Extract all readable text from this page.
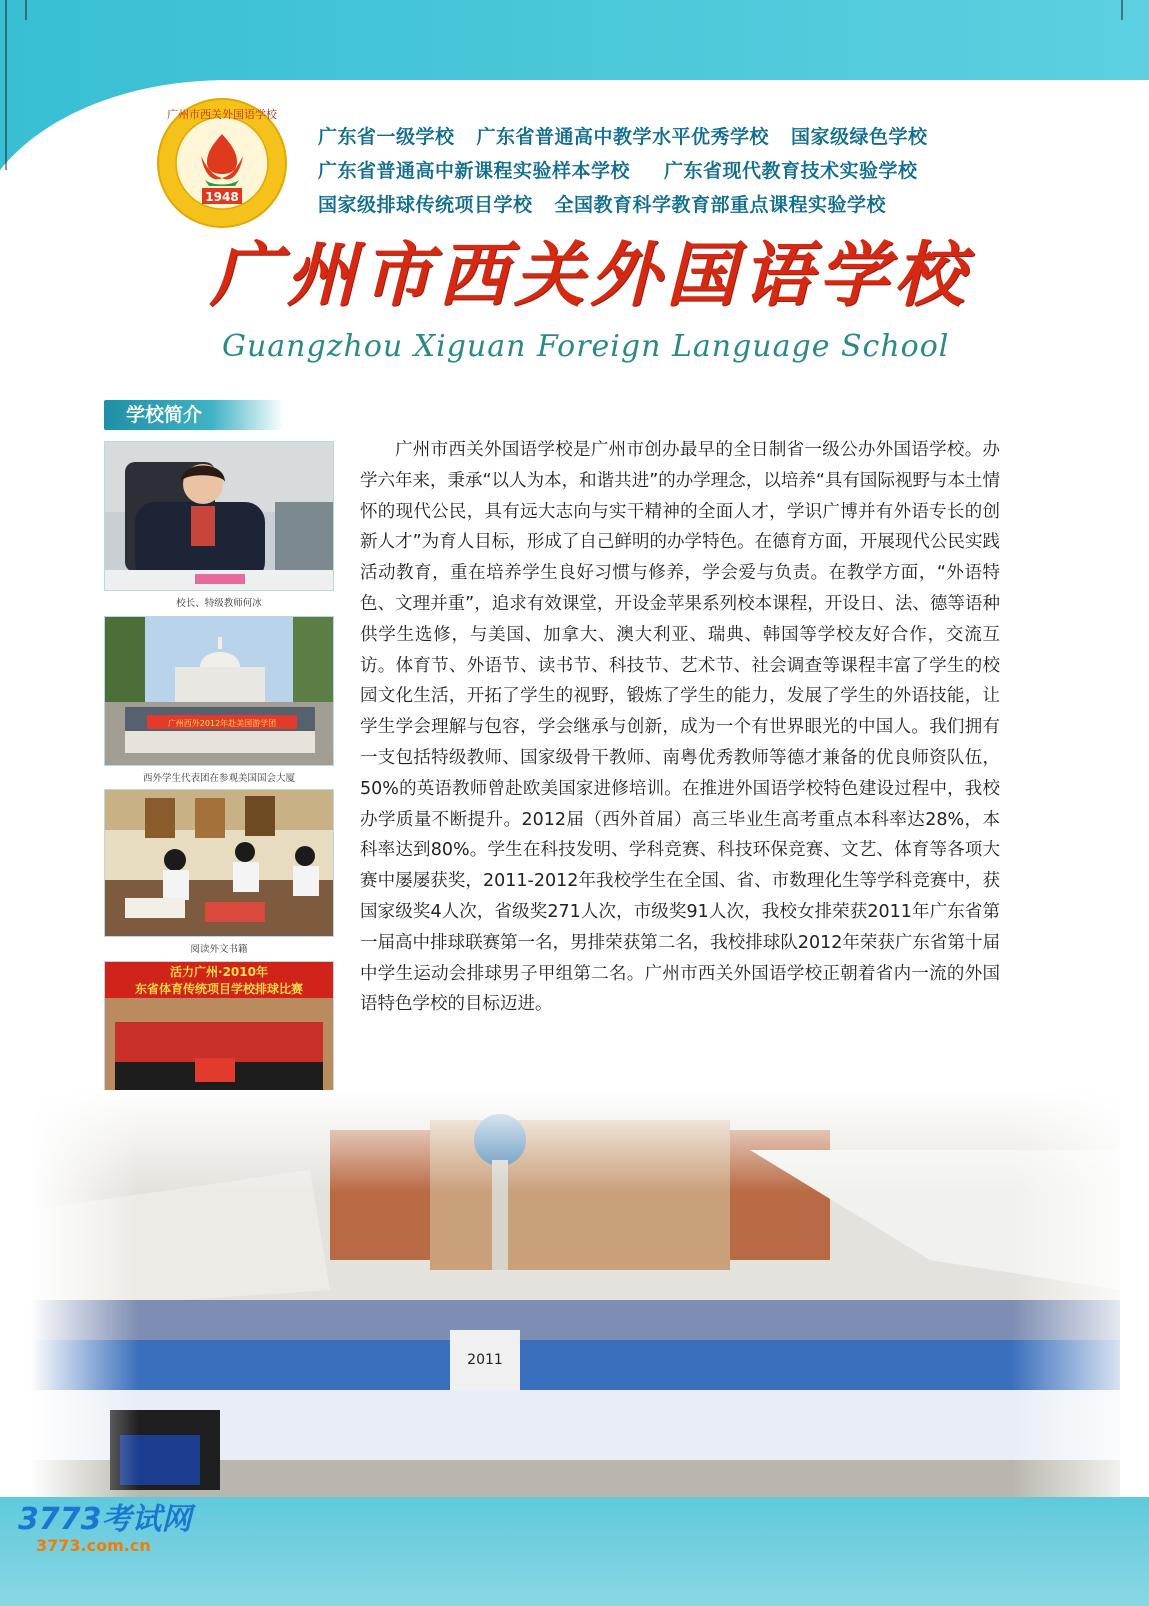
1948
广州市西关外国语学校
广东省一级学校 广东省普通高中教学水平优秀学校 国家级绿色学校
广东省普通高中新课程实验样本学校 广东省现代教育技术实验学校
国家级排球传统项目学校 全国教育科学教育部重点课程实验学校
广州市西关外国语学校
Guangzhou Xiguan Foreign Language School
学校简介
校长、特级教师何冰
广州西外2012年赴美国游学团
西外学生代表团在参观美国国会大厦
阅读外文书籍
活力广州·2010年
东省体育传统项目学校排球比赛

广州市西关外国语学校是广州市创办最早的全日制省一级公办外国语学校。办学六年来，秉承“以人为本，和谐共进”的办学理念，以培养“具有国际视野与本土情怀的现代公民，具有远大志向与实干精神的全面人才，学识广博并有外语专长的创新人才”为育人目标，形成了自己鲜明的办学特色。在德育方面，开展现代公民实践活动教育，重在培养学生良好习惯与修养，学会爱与负责。在教学方面，“外语特色、文理并重”，追求有效课堂，开设金苹果系列校本课程，开设日、法、德等语种供学生选修，与美国、加拿大、澳大利亚、瑞典、韩国等学校友好合作，交流互访。体育节、外语节、读书节、科技节、艺术节、社会调查等课程丰富了学生的校园文化生活，开拓了学生的视野，锻炼了学生的能力，发展了学生的外语技能，让学生学会理解与包容，学会继承与创新，成为一个有世界眼光的中国人。我们拥有一支包括特级教师、国家级骨干教师、南粤优秀教师等德才兼备的优良师资队伍，50%的英语教师曾赴欧美国家进修培训。在推进外国语学校特色建设过程中，我校办学质量不断提升。2012届（西外首届）高三毕业生高考重点本科率达28%，本科率达到80%。学生在科技发明、学科竞赛、科技环保竞赛、文艺、体育等各项大赛中屡屡获奖，2011-2012年我校学生在全国、省、市数理化生等学科竞赛中，获国家级奖4人次，省级奖271人次，市级奖91人次，我校女排荣获2011年广东省第一届高中排球联赛第一名，男排荣获第二名，我校排球队2012年荣获广东省第十届中学生运动会排球男子甲组第二名。广州市西关外国语学校正朝着省内一流的外国语特色学校的目标迈进。

3773考试网
3773.com.cn
